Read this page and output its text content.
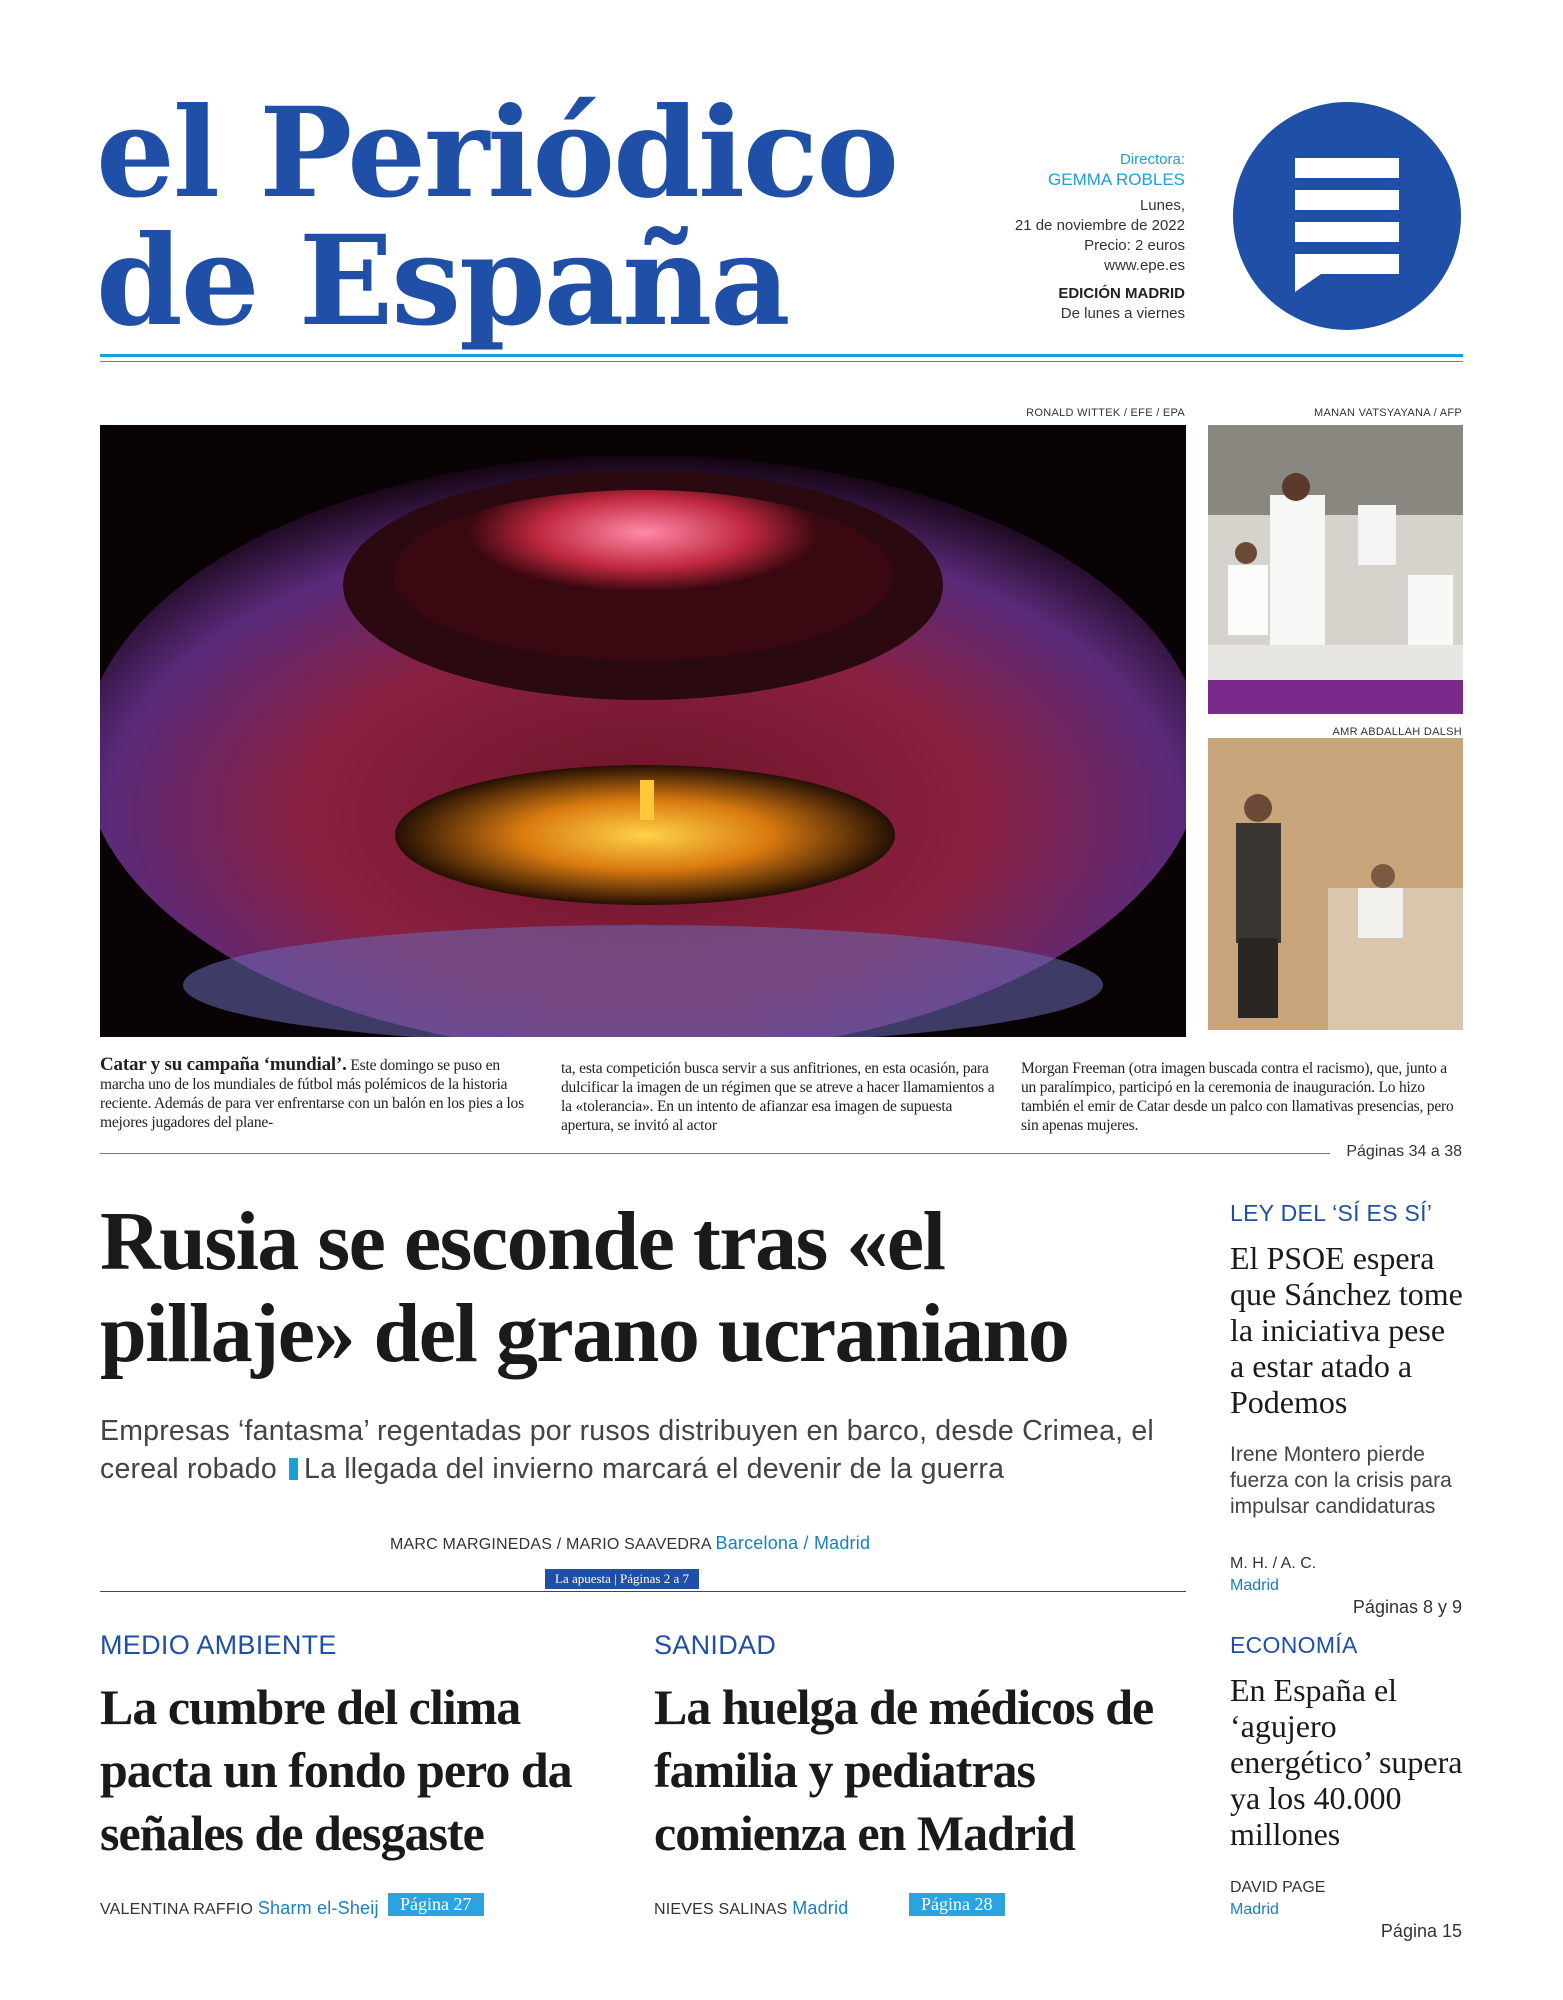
el Periódico
de España
Directora:
GEMMA ROBLES
Lunes,
21 de noviembre de 2022
Precio: 2 euros
www.epe.es
EDICIÓN MADRID
De lunes a viernes
RONALD WITTEK / EFE / EPA	MANAN VATSYAYANA / AFP
AMR ABDALLAH DALSH
Catar y su campaña ‘mundial’. Este domingo se puso en marcha uno de los mundiales de fútbol más polémicos de la historia reciente. Además de para ver enfrentarse con un balón en los pies a los mejores jugadores del plane-
ta, esta competición busca servir a sus anfitriones, en esta ocasión, para dulcificar la imagen de un régimen que se atreve a hacer llamamientos a la «tolerancia». En un intento de afianzar esa imagen de supuesta apertura, se invitó al actor
Morgan Freeman (otra imagen buscada contra el racismo), que, junto a un paralímpico, participó en la ceremonia de inauguración. Lo hizo también el emir de Catar desde un palco con llamativas presencias, pero sin apenas mujeres.
Páginas 34 a 38
Rusia se esconde tras «el pillaje» del grano ucraniano
Empresas ‘fantasma’ regentadas por rusos distribuyen en barco, desde Crimea, el cereal robado La llegada del invierno marcará el devenir de la guerra
MARC MARGINEDAS / MARIO SAAVEDRA Barcelona / Madrid
La apuesta | Páginas 2 a 7
MEDIO AMBIENTE
La cumbre del clima pacta un fondo pero da señales de desgaste
VALENTINA RAFFIO Sharm el-Sheij	Página 27
SANIDAD
La huelga de médicos de familia y pediatras comienza en Madrid
NIEVES SALINAS Madrid	Página 28
LEY DEL ‘SÍ ES SÍ’
El PSOE espera que Sánchez tome la iniciativa pese a estar atado a Podemos
Irene Montero pierde fuerza con la crisis para impulsar candidaturas
M. H. / A. C.
Madrid
Páginas 8 y 9
ECONOMÍA
En España el ‘agujero energético’ supera ya los 40.000 millones
DAVID PAGE
Madrid
Página 15
